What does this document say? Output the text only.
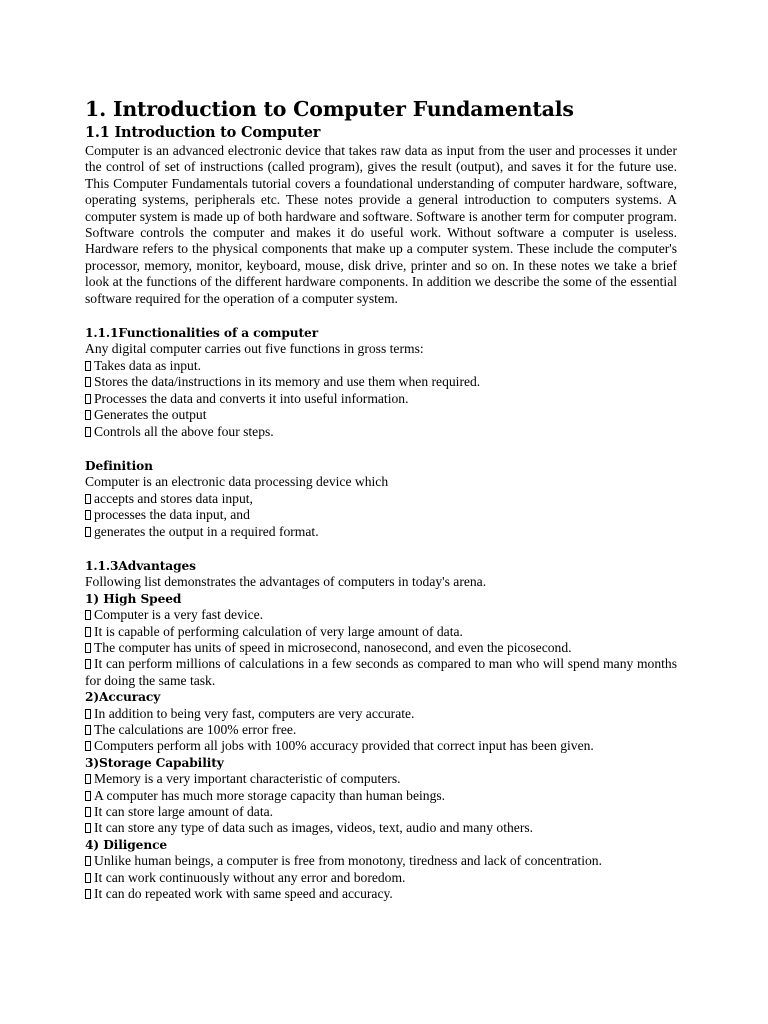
1. Introduction to Computer Fundamentals
1.1 Introduction to Computer

Computer is an advanced electronic device that takes raw data as input from the user and processes it under the control of set of instructions (called program), gives the result (output), and saves it for the future use. This Computer Fundamentals tutorial covers a foundational understanding of computer hardware, software, operating systems, peripherals etc. These notes provide a general introduction to computers systems. A computer system is made up of both hardware and software. Software is another term for computer program. Software controls the computer and makes it do useful work. Without software a computer is useless. Hardware refers to the physical components that make up a computer system. These include the computer's processor, memory, monitor, keyboard, mouse, disk drive, printer and so on. In these notes we take a brief look at the functions of the different hardware components. In addition we describe the some of the essential software required for the operation of a computer system.

1.1.1Functionalities of a computer

Any digital computer carries out five functions in gross terms:

Takes data as input.
Stores the data/instructions in its memory and use them when required.
Processes the data and converts it into useful information.
Generates the output
Controls all the above four steps.
Definition

Computer is an electronic data processing device which

accepts and stores data input,
processes the data input, and
generates the output in a required format.
1.1.3Advantages

Following list demonstrates the advantages of computers in today's arena.

1) High Speed
Computer is a very fast device.
It is capable of performing calculation of very large amount of data.
The computer has units of speed in microsecond, nanosecond, and even the picosecond.
It can perform millions of calculations in a few seconds as compared to man who will spend many months for doing the same task.
2)Accuracy
In addition to being very fast, computers are very accurate.
The calculations are 100% error free.
Computers perform all jobs with 100% accuracy provided that correct input has been given.
3)Storage Capability
Memory is a very important characteristic of computers.
A computer has much more storage capacity than human beings.
It can store large amount of data.
It can store any type of data such as images, videos, text, audio and many others.
4) Diligence
Unlike human beings, a computer is free from monotony, tiredness and lack of concentration.
It can work continuously without any error and boredom.
It can do repeated work with same speed and accuracy.
